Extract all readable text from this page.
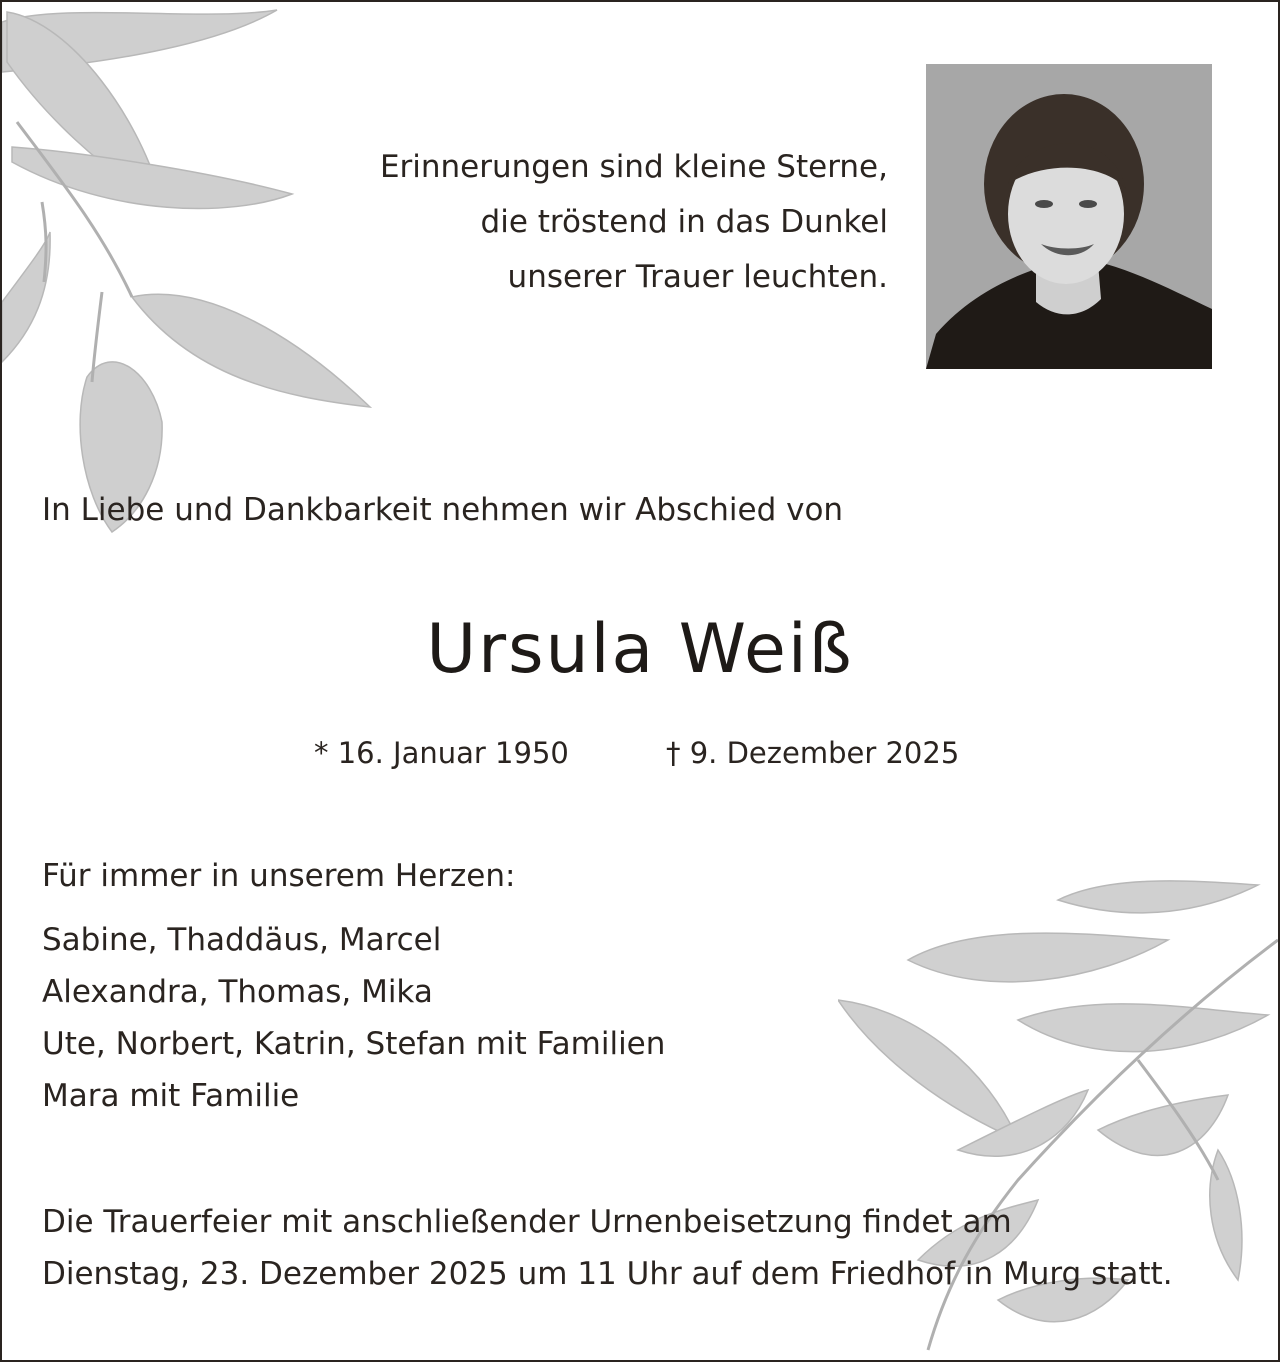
Erinnerungen sind kleine Sterne,
die tröstend in das Dunkel
unserer Trauer leuchten.
In Liebe und Dankbarkeit nehmen wir Abschied von
Ursula Weiß
* 16. Januar 1950	† 9. Dezember 2025
Für immer in unserem Herzen:
Sabine, Thaddäus, Marcel
Alexandra, Thomas, Mika
Ute, Norbert, Katrin, Stefan mit Familien
Mara mit Familie
Die Trauerfeier mit anschließender Urnenbeisetzung findet am
Dienstag, 23. Dezember 2025 um 11 Uhr auf dem Friedhof in Murg statt.
